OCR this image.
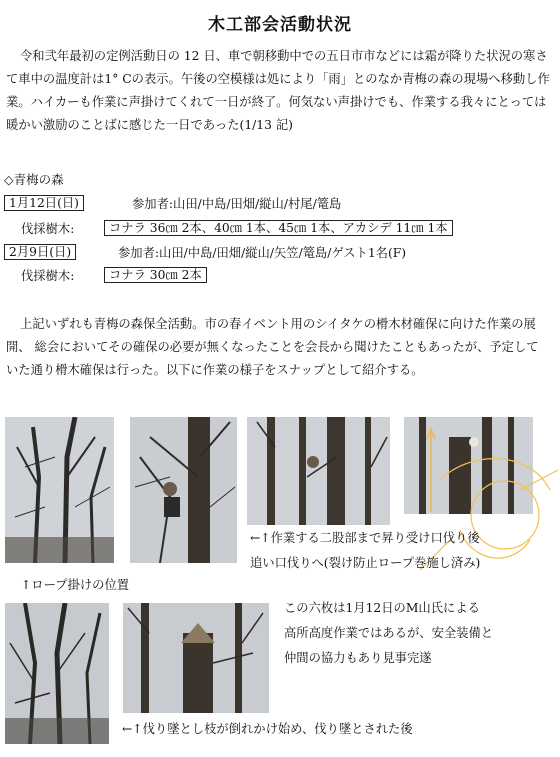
木工部会活動状況

令和弐年最初の定例活動日の 12 日、車で朝移動中での五日市市などには霜が降りた状況の寒さて車中の温度計は1° Cの表示。午後の空模様は処により「雨」とのなか青梅の森の現場へ移動し作業。ハイカーも作業に声掛けてくれて一日が終了。何気ない声掛けでも、作業する我々にとっては暖かい激励のことばに感じた一日であった(1/13 記)

◇青梅の森
1月12日(日)	参加者:山田/中島/田畑/縦山/村尾/篭島
伐採樹木:	コナラ 36㎝ 2本、40㎝ 1本、45㎝ 1本、アカシデ 11㎝ 1本
2月9日(日)	参加者:山田/中島/田畑/縦山/矢笠/篭島/ゲスト1名(F)
伐採樹木:	コナラ 30㎝ 2本

上記いずれも青梅の森保全活動。市の春イベント用のシイタケの榾木材確保に向けた作業の展開、 総会においてその確保の必要が無くなったことを会長から聞けたこともあったが、予定していた通り榾木確保は行った。以下に作業の様子をスナップとして紹介する。

←↑作業する二股部まで昇り受け口伐り後
追い口伐りへ(裂け防止ロープ巻施し済み)
↑ロープ掛けの位置
この六枚は1月12日のM山氏による
高所高度作業ではあるが、安全装備と
仲間の協力もあり見事完遂
←↑伐り墜とし枝が倒れかけ始め、伐り墜とされた後
